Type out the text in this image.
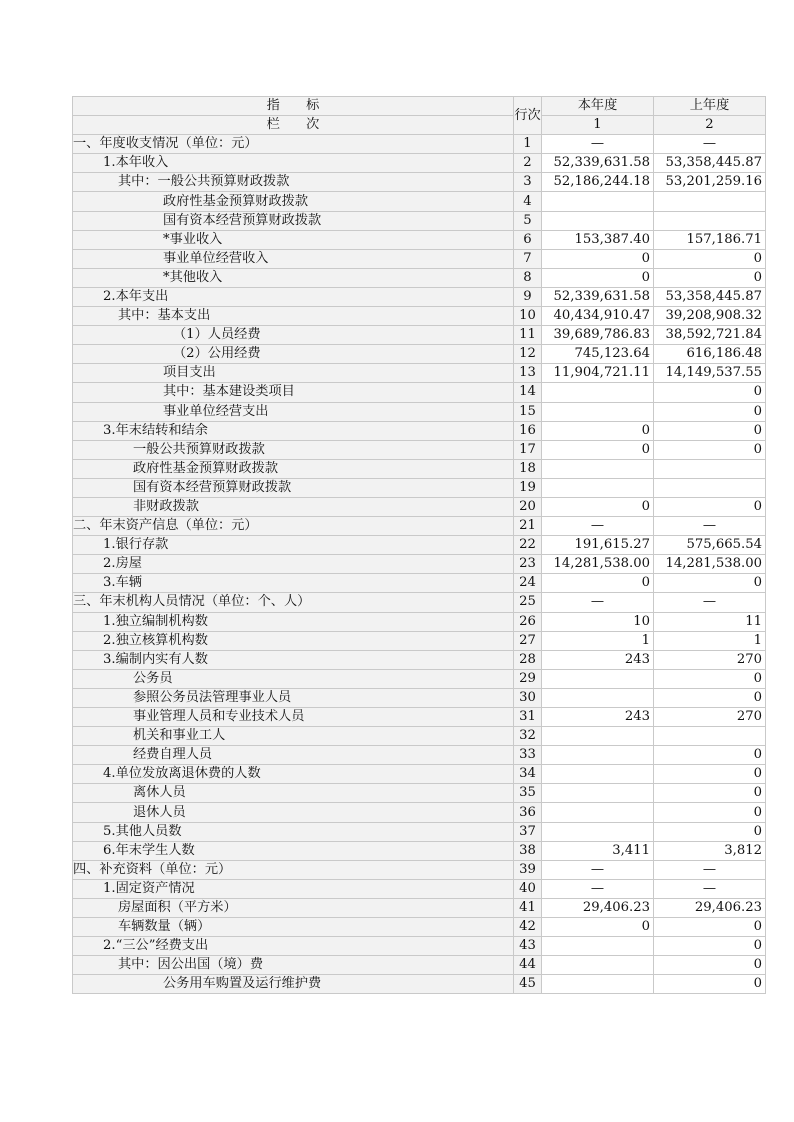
指　　标	行次	本年度	上年度
栏　　次		1	2
一、年度收支情况（单位：元）	1	—	—
1.本年收入	2	52,339,631.58	53,358,445.87
其中：一般公共预算财政拨款	3	52,186,244.18	53,201,259.16
政府性基金预算财政拨款	4		
国有资本经营预算财政拨款	5		
*事业收入	6	153,387.40	157,186.71
事业单位经营收入	7	0	0
*其他收入	8	0	0
2.本年支出	9	52,339,631.58	53,358,445.87
其中：基本支出	10	40,434,910.47	39,208,908.32
（1）人员经费	11	39,689,786.83	38,592,721.84
（2）公用经费	12	745,123.64	616,186.48
项目支出	13	11,904,721.11	14,149,537.55
其中：基本建设类项目	14		0
事业单位经营支出	15		0
3.年末结转和结余	16	0	0
一般公共预算财政拨款	17	0	0
政府性基金预算财政拨款	18		
国有资本经营预算财政拨款	19		
非财政拨款	20	0	0
二、年末资产信息（单位：元）	21	—	—
1.银行存款	22	191,615.27	575,665.54
2.房屋	23	14,281,538.00	14,281,538.00
3.车辆	24	0	0
三、年末机构人员情况（单位：个、人）	25	—	—
1.独立编制机构数	26	10	11
2.独立核算机构数	27	1	1
3.编制内实有人数	28	243	270
公务员	29		0
参照公务员法管理事业人员	30		0
事业管理人员和专业技术人员	31	243	270
机关和事业工人	32		
经费自理人员	33		0
4.单位发放离退休费的人数	34		0
离休人员	35		0
退休人员	36		0
5.其他人员数	37		0
6.年末学生人数	38	3,411	3,812
四、补充资料（单位：元）	39	—	—
1.固定资产情况	40	—	—
房屋面积（平方米）	41	29,406.23	29,406.23
车辆数量（辆）	42	0	0
2.“三公”经费支出	43		0
其中：因公出国（境）费	44		0
公务用车购置及运行维护费	45		0
